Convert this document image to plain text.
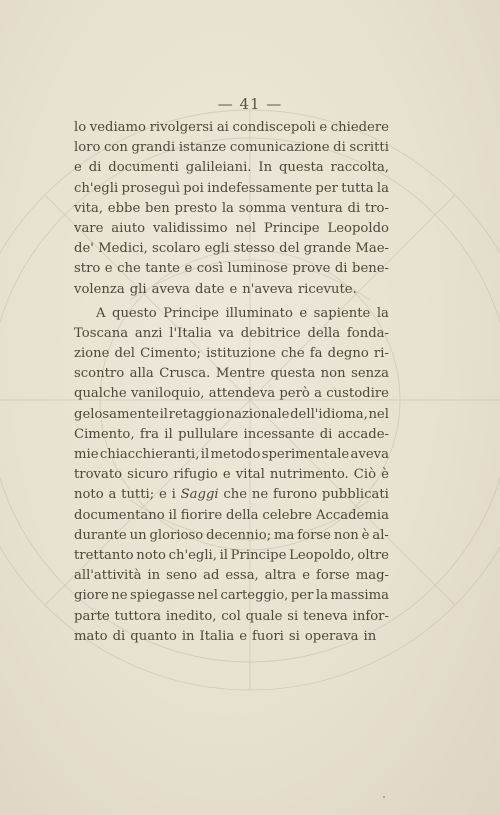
— 41 —
lo vediamo rivolgersi ai condiscepoli e chiedere
loro con grandi istanze comunicazione di scritti
e di documenti galileiani. In questa raccolta,
ch'egli proseguì poi indefessamente per tutta la
vita, ebbe ben presto la somma ventura di tro-
vare aiuto validissimo nel Principe Leopoldo
de' Medici, scolaro egli stesso del grande Mae-
stro e che tante e così luminose prove di bene-
volenza gli aveva date e n'aveva ricevute.
A questo Principe illuminato e sapiente la
Toscana anzi l'Italia va debitrice della fonda-
zione del Cimento; istituzione che fa degno ri-
scontro alla Crusca. Mentre questa non senza
qualche vaniloquio, attendeva però a custodire
gelosamente il retaggio nazionale dell'idioma, nel
Cimento, fra il pullulare incessante di accade-
mie chiacchieranti, il metodo sperimentale aveva
trovato sicuro rifugio e vital nutrimento. Ciò è
noto a tutti; e i Saggi che ne furono pubblicati
documentano il fiorire della celebre Accademia
durante un glorioso decennio; ma forse non è al-
trettanto noto ch'egli, il Principe Leopoldo, oltre
all'attività in seno ad essa, altra e forse mag-
giore ne spiegasse nel carteggio, per la massima
parte tuttora inedito, col quale si teneva infor-
mato di quanto in Italia e fuori si operava in
